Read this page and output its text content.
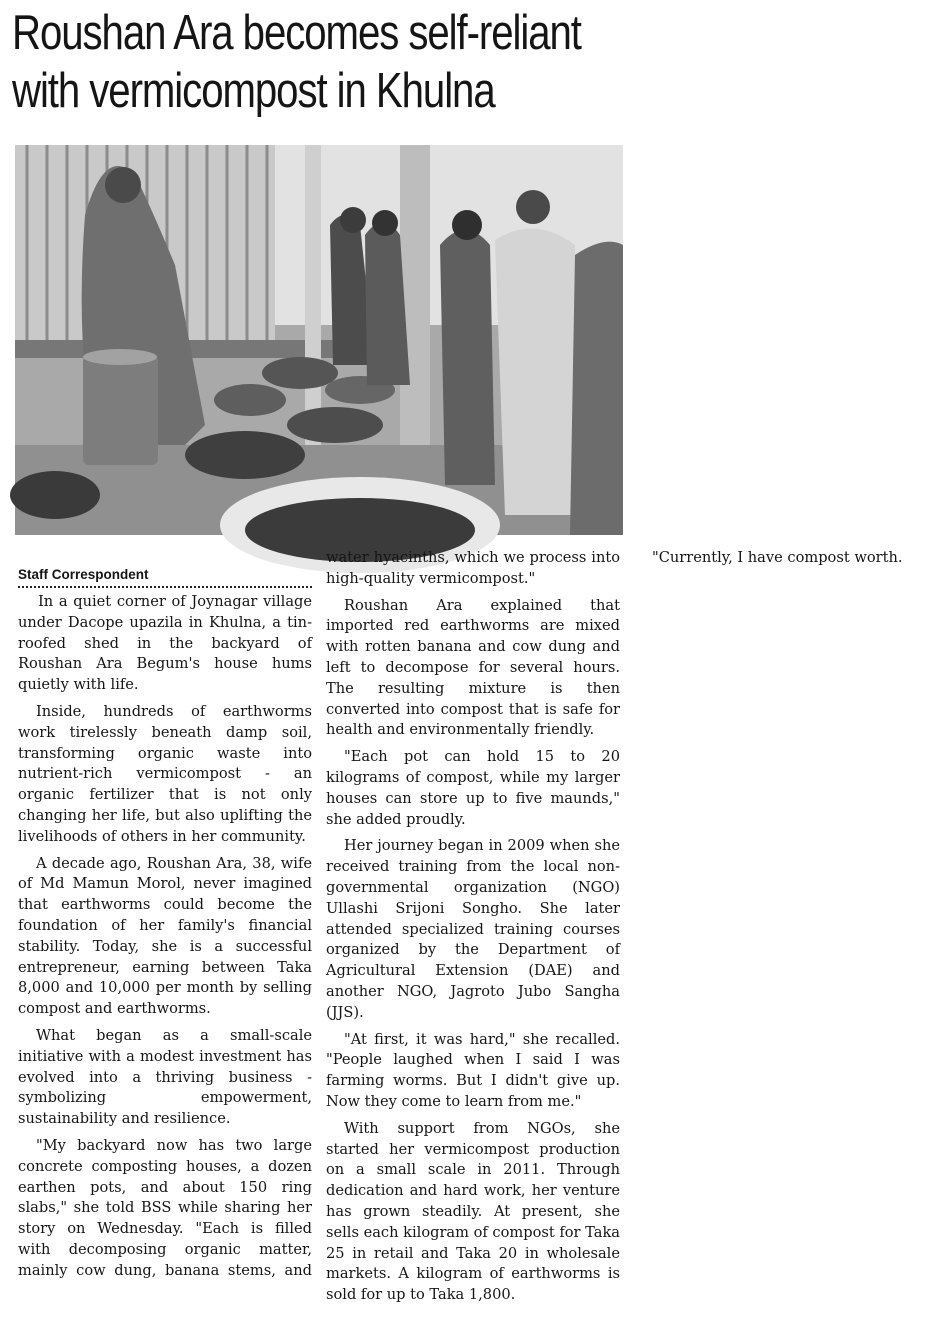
Roushan Ara becomes self-reliant
with vermicompost in Khulna
Staff Correspondent

In a quiet corner of Joynagar village under Dacope upazila in Khulna, a tin-roofed shed in the backyard of Roushan Ara Begum's house hums quietly with life.

Inside, hundreds of earthworms work tirelessly beneath damp soil, transforming organic waste into nutrient-rich vermicompost - an organic fertilizer that is not only changing her life, but also uplifting the livelihoods of others in her community.

A decade ago, Roushan Ara, 38, wife of Md Mamun Morol, never imagined that earthworms could become the foundation of her family's financial stability. Today, she is a successful entrepreneur, earning between Taka 8,000 and 10,000 per month by selling compost and earthworms.

What began as a small-scale initiative with a modest investment has evolved into a thriving business - symbolizing empowerment, sustainability and resilience.

"My backyard now has two large concrete composting houses, a dozen earthen pots, and about 150 ring slabs," she told BSS while sharing her story on Wednesday. "Each is filled with decomposing organic matter, mainly cow dung, banana stems, and water hyacinths, which we process into high-quality vermicompost."

Roushan Ara explained that imported red earthworms are mixed with rotten banana and cow dung and left to decompose for several hours. The resulting mixture is then converted into compost that is safe for health and environmentally friendly.

"Each pot can hold 15 to 20 kilograms of compost, while my larger houses can store up to five maunds," she added proudly.

Her journey began in 2009 when she received training from the local non-governmental organization (NGO) Ullashi Srijoni Songho. She later attended specialized training courses organized by the Department of Agricultural Extension (DAE) and another NGO, Jagroto Jubo Sangha (JJS).

"At first, it was hard," she recalled. "People laughed when I said I was farming worms. But I didn't give up. Now they come to learn from me."

With support from NGOs, she started her vermicompost production on a small scale in 2011. Through dedication and hard work, her venture has grown steadily. At present, she sells each kilogram of compost for Taka 25 in retail and Taka 20 in wholesale markets. A kilogram of earthworms is sold for up to Taka 1,800.

"Currently, I have compost worth.
